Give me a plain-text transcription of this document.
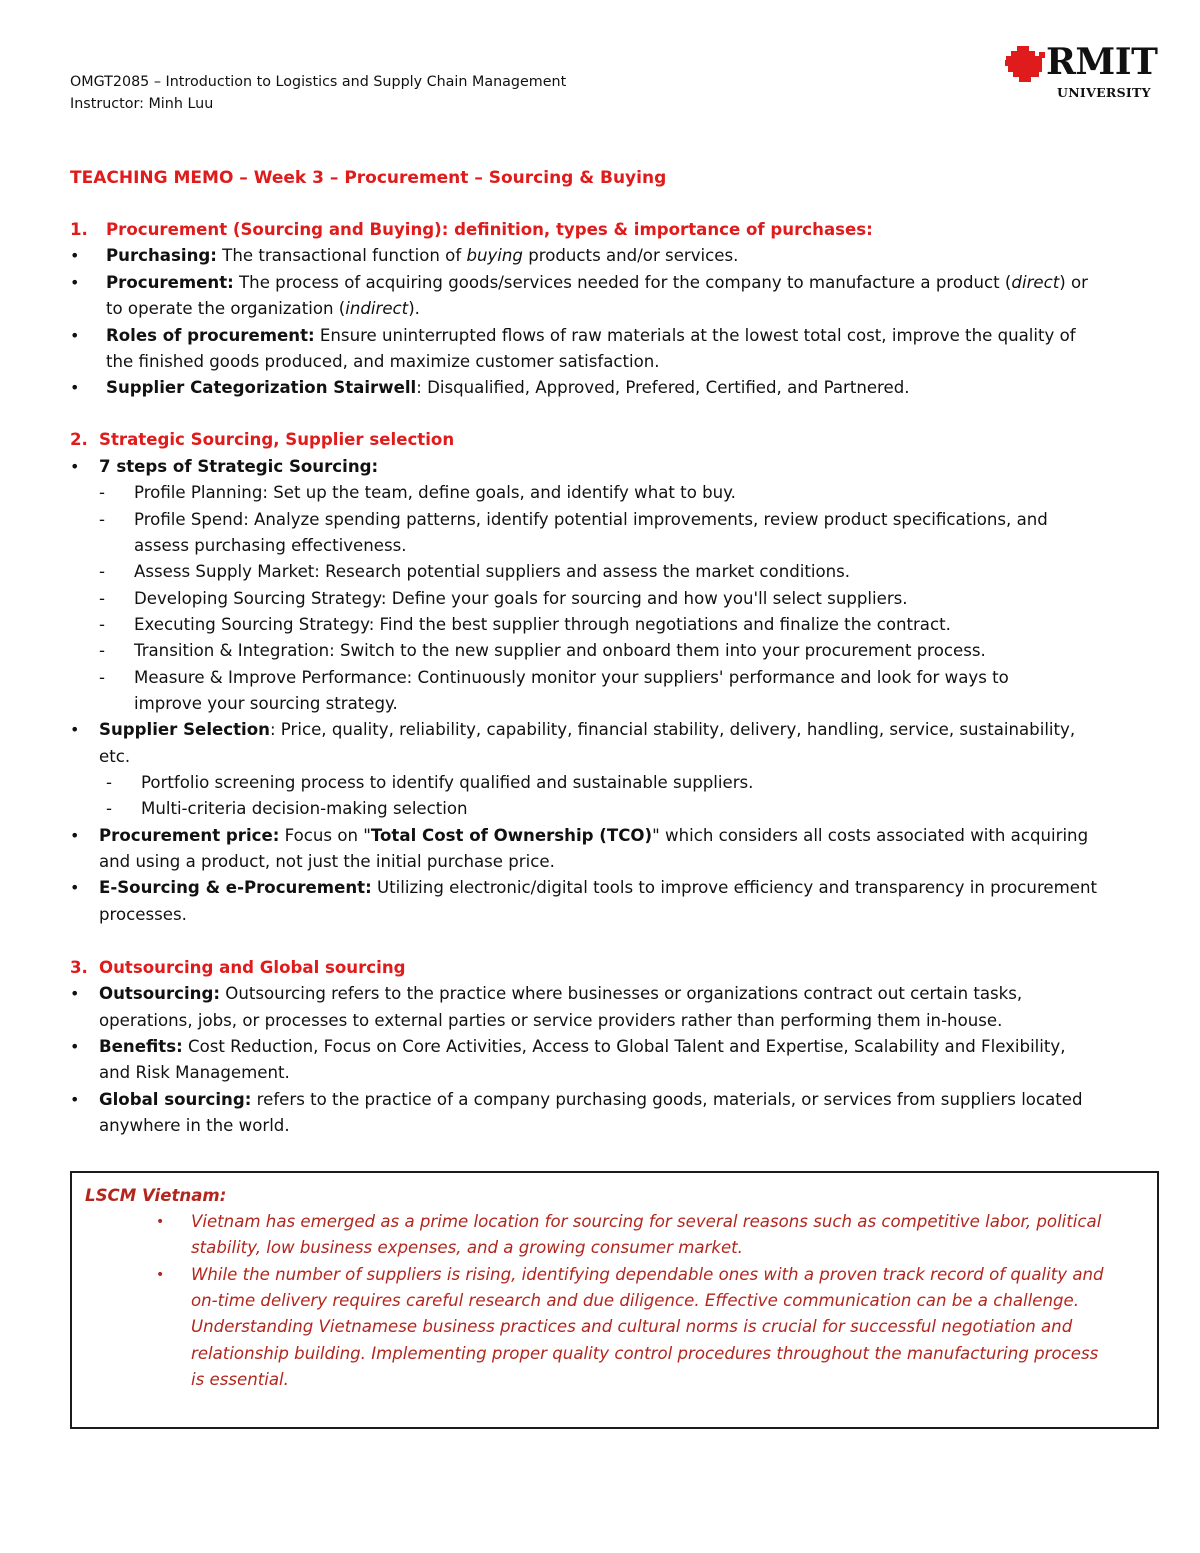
OMGT2085 – Introduction to Logistics and Supply Chain Management
Instructor: Minh Luu
RMIT
UNIVERSITY
TEACHING MEMO – Week 3 – Procurement – Sourcing & Buying
1. Procurement (Sourcing and Buying): definition, types & importance of purchases:
• Purchasing: The transactional function of buying products and/or services.
• Procurement: The process of acquiring goods/services needed for the company to manufacture a product (direct) or
to operate the organization (indirect).
• Roles of procurement: Ensure uninterrupted flows of raw materials at the lowest total cost, improve the quality of
the finished goods produced, and maximize customer satisfaction.
• Supplier Categorization Stairwell: Disqualified, Approved, Prefered, Certified, and Partnered.
2. Strategic Sourcing, Supplier selection
• 7 steps of Strategic Sourcing:
- Profile Planning: Set up the team, define goals, and identify what to buy.
- Profile Spend: Analyze spending patterns, identify potential improvements, review product specifications, and
assess purchasing effectiveness.
- Assess Supply Market: Research potential suppliers and assess the market conditions.
- Developing Sourcing Strategy: Define your goals for sourcing and how you'll select suppliers.
- Executing Sourcing Strategy: Find the best supplier through negotiations and finalize the contract.
- Transition & Integration: Switch to the new supplier and onboard them into your procurement process.
- Measure & Improve Performance: Continuously monitor your suppliers' performance and look for ways to
improve your sourcing strategy.
• Supplier Selection: Price, quality, reliability, capability, financial stability, delivery, handling, service, sustainability,
etc.
- Portfolio screening process to identify qualified and sustainable suppliers.
- Multi-criteria decision-making selection
• Procurement price: Focus on "Total Cost of Ownership (TCO)" which considers all costs associated with acquiring
and using a product, not just the initial purchase price.
• E-Sourcing & e-Procurement: Utilizing electronic/digital tools to improve efficiency and transparency in procurement
processes.
3. Outsourcing and Global sourcing
• Outsourcing: Outsourcing refers to the practice where businesses or organizations contract out certain tasks,
operations, jobs, or processes to external parties or service providers rather than performing them in-house.
• Benefits: Cost Reduction, Focus on Core Activities, Access to Global Talent and Expertise, Scalability and Flexibility,
and Risk Management.
• Global sourcing: refers to the practice of a company purchasing goods, materials, or services from suppliers located
anywhere in the world.
LSCM Vietnam:
• Vietnam has emerged as a prime location for sourcing for several reasons such as competitive labor, political
stability, low business expenses, and a growing consumer market.
• While the number of suppliers is rising, identifying dependable ones with a proven track record of quality and
on-time delivery requires careful research and due diligence. Effective communication can be a challenge.
Understanding Vietnamese business practices and cultural norms is crucial for successful negotiation and
relationship building. Implementing proper quality control procedures throughout the manufacturing process
is essential.
